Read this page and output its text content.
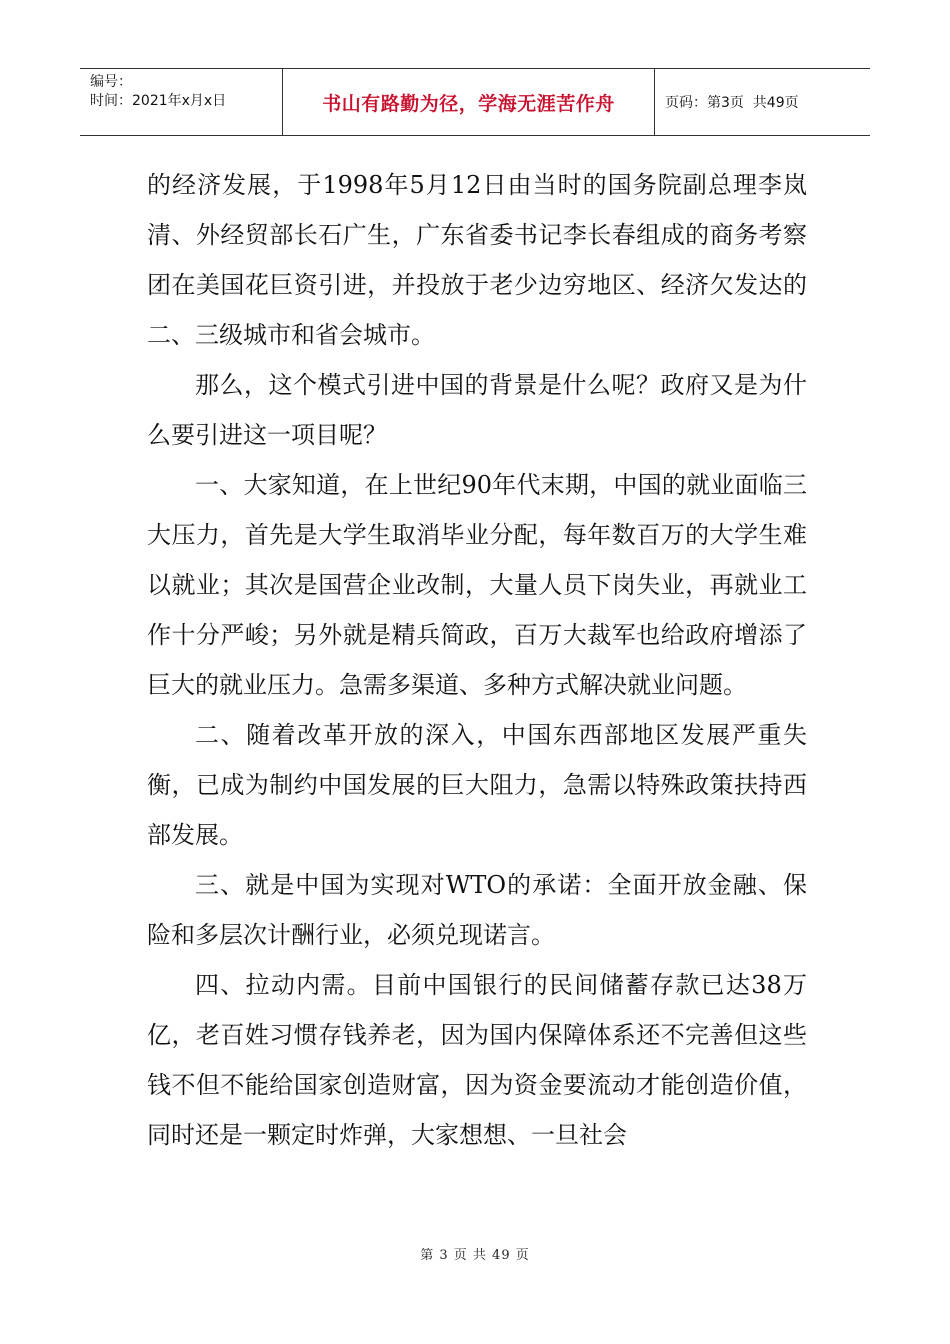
编号：
时间：2021年x月x日	书山有路勤为径，学海无涯苦作舟	页码：第3页  共49页

的经济发展，于1998年5月12日由当时的国务院副总理李岚清、外经贸部长石广生，广东省委书记李长春组成的商务考察团在美国花巨资引进，并投放于老少边穷地区、经济欠发达的二、三级城市和省会城市。

那么，这个模式引进中国的背景是什么呢？政府又是为什么要引进这一项目呢？

一、大家知道，在上世纪90年代末期，中国的就业面临三大压力，首先是大学生取消毕业分配，每年数百万的大学生难以就业；其次是国营企业改制，大量人员下岗失业，再就业工作十分严峻；另外就是精兵简政，百万大裁军也给政府增添了巨大的就业压力。急需多渠道、多种方式解决就业问题。

二、随着改革开放的深入，中国东西部地区发展严重失衡，已成为制约中国发展的巨大阻力，急需以特殊政策扶持西部发展。

三、就是中国为实现对WTO的承诺：全面开放金融、保险和多层次计酬行业，必须兑现诺言。

四、拉动内需。目前中国银行的民间储蓄存款已达38万亿，老百姓习惯存钱养老，因为国内保障体系还不完善但这些钱不但不能给国家创造财富，因为资金要流动才能创造价值，同时还是一颗定时炸弹，大家想想、一旦社会

第 3 页 共 49 页
